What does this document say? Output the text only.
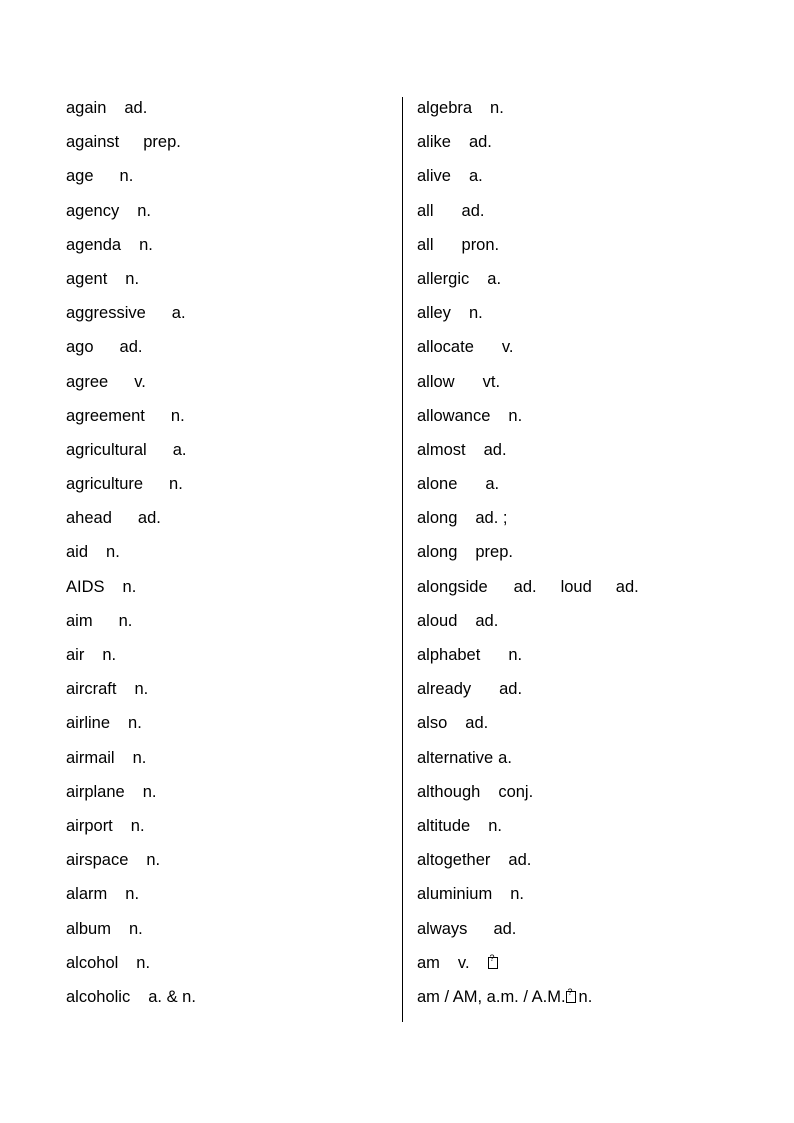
again ad.
against prep.
age n.
agency n.
agenda n.
agent n.
aggressive a.
ago ad.
agree v.
agreement n.
agricultural a.
agriculture n.
ahead ad.
aid n.
AIDS n.
aim n.
air n.
aircraft n.
airline n.
airmail n.
airplane n.
airport n.
airspace n.
alarm n.
album n.
alcohol n.
alcoholic a. & n.
algebra n.
alike ad.
alive a.
all ad.
all pron.
allergic a.
alley n.
allocate v.
allow vt.
allowance n.
almost ad.
alone a.
along ad. ;
along prep.
alongside ad. loud ad.
aloud ad.
alphabet n.
already ad.
also ad.
alternative a.
although conj.
altitude n.
altogether ad.
aluminium n.
always ad.
am v.?
am / AM, a.m. / A.M.? n.
